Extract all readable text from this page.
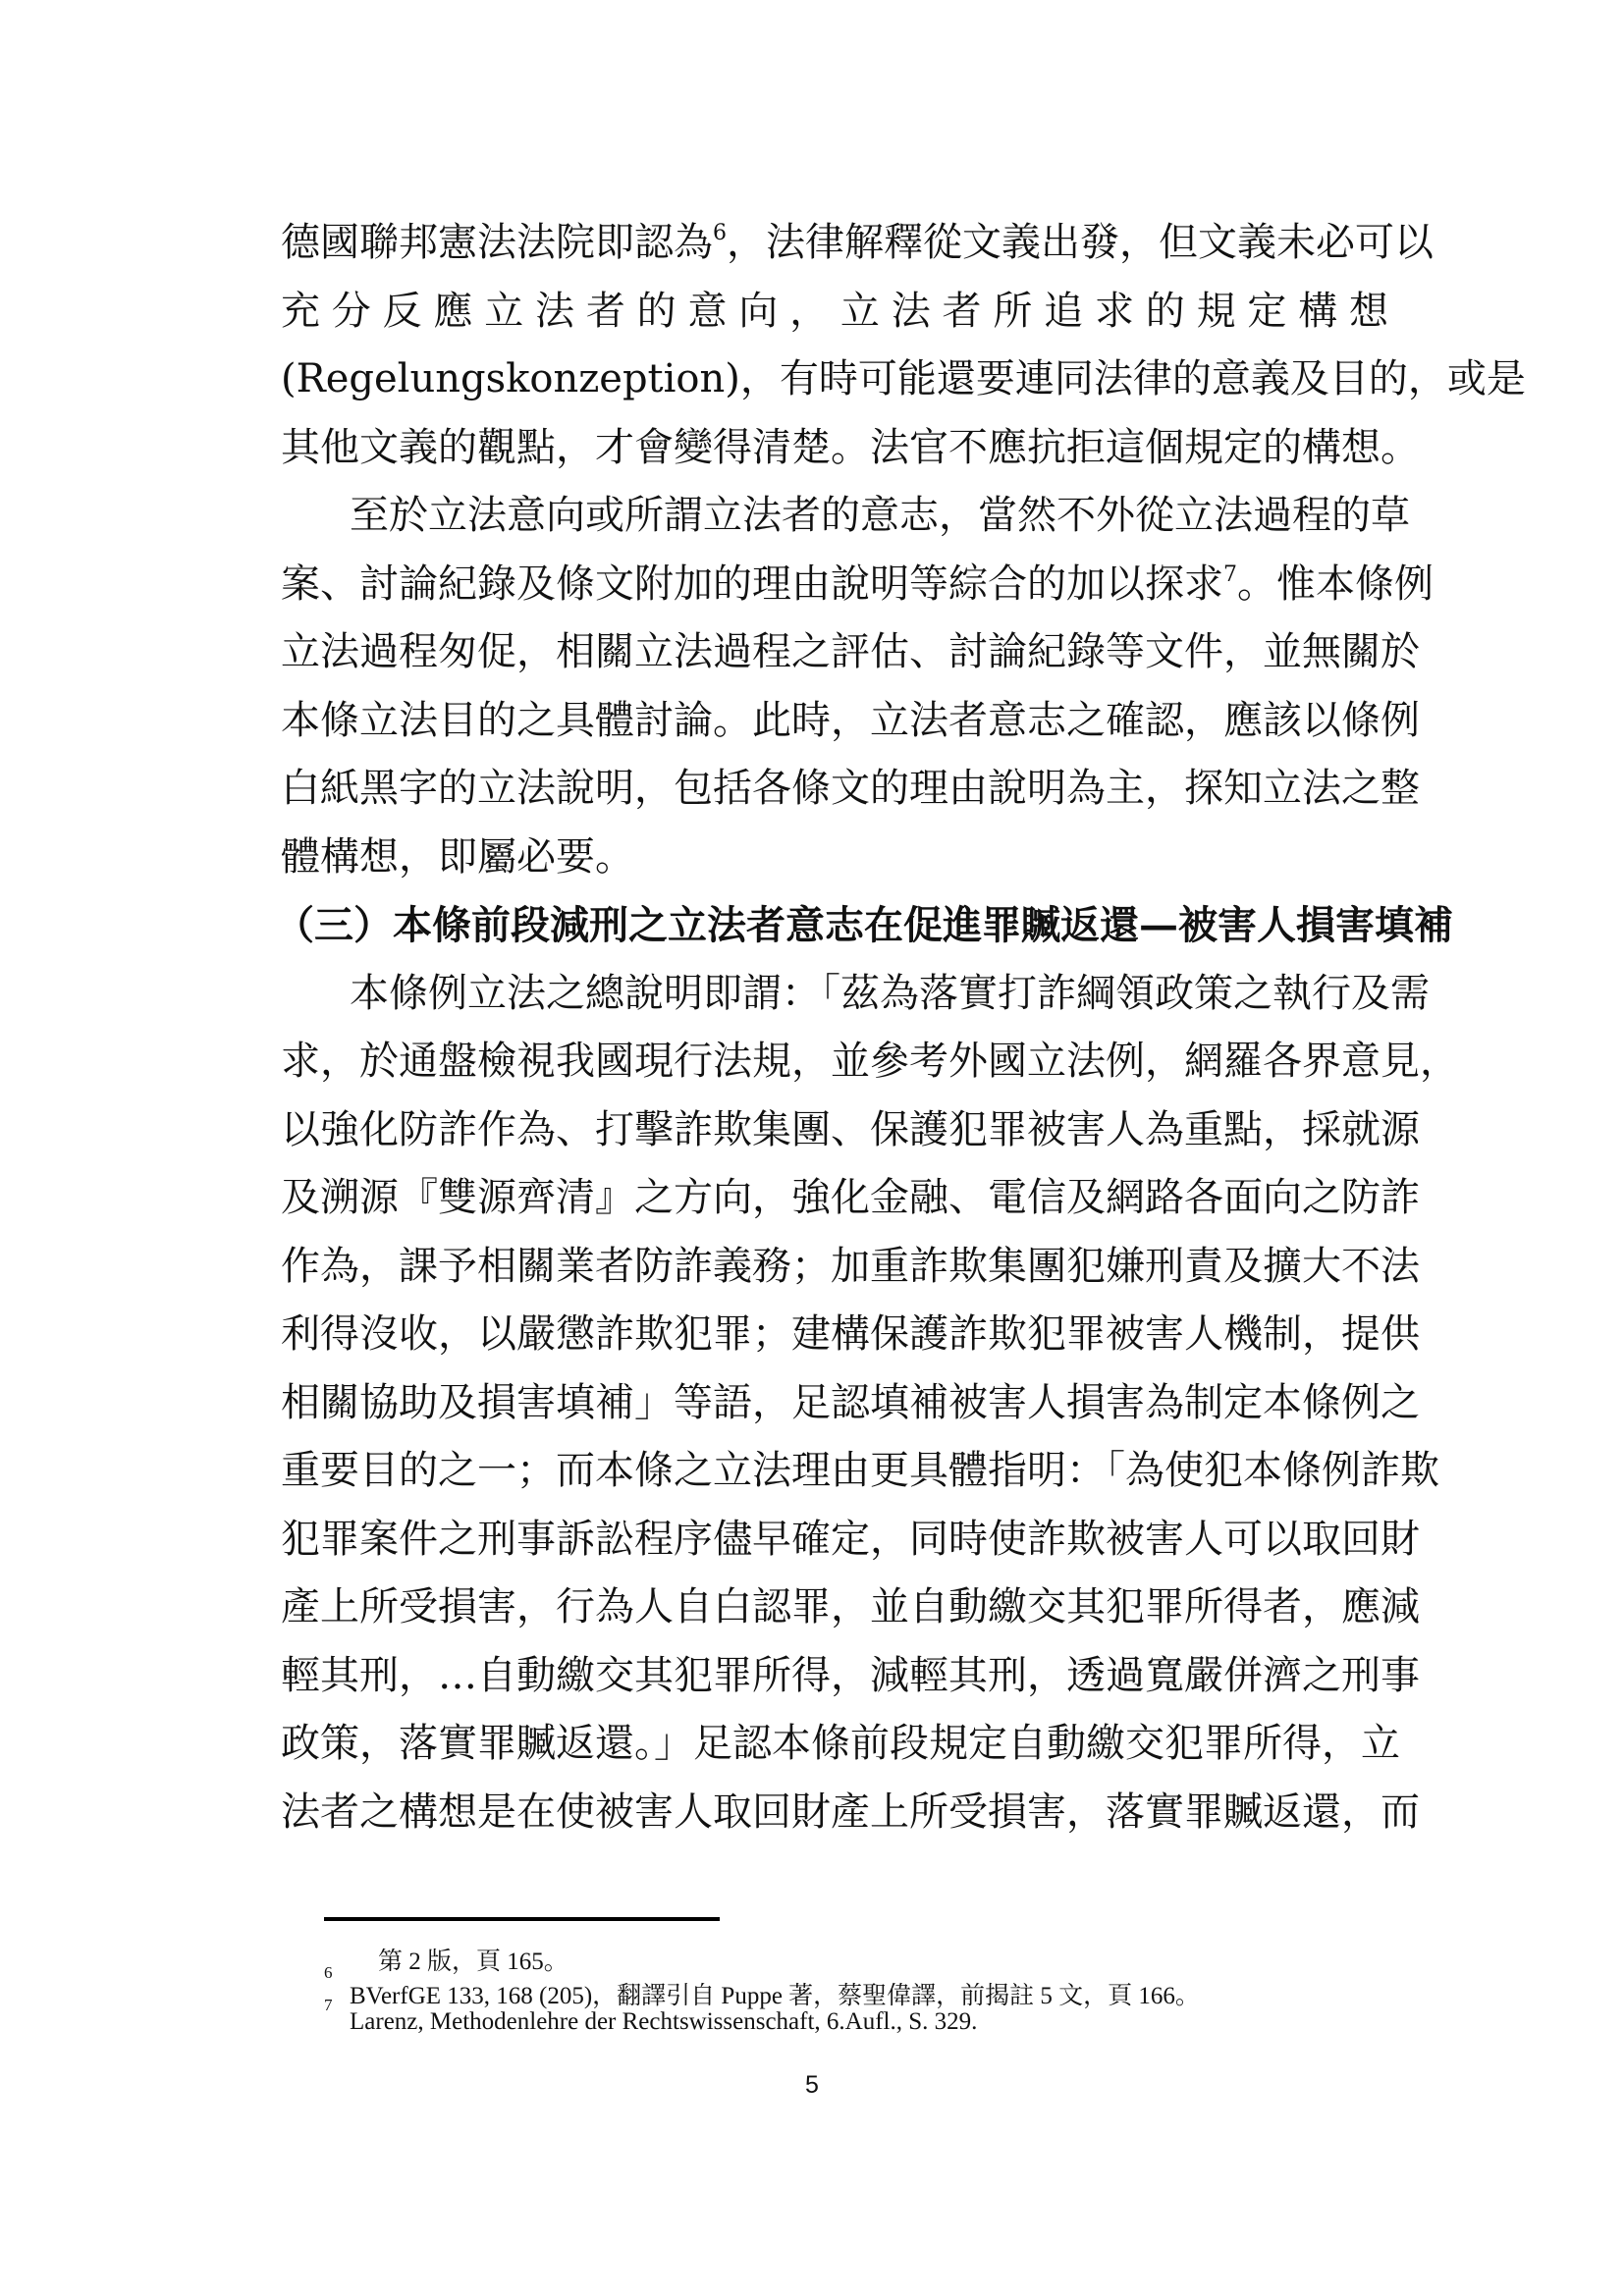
德國聯邦憲法法院即認為$^6$，法律解釋從文義出發，但文義未必可以
充分反應立法者的意向，立法者所追求的規定構想
(Regelungskonzeption)，有時可能還要連同法律的意義及目的，或是
其他文義的觀點，才會變得清楚。法官不應抗拒這個規定的構想。
至於立法意向或所謂立法者的意志，當然不外從立法過程的草
案、討論紀錄及條文附加的理由說明等綜合的加以探求$^7$。惟本條例
立法過程匆促，相關立法過程之評估、討論紀錄等文件，並無關於
本條立法目的之具體討論。此時，立法者意志之確認，應該以條例
白紙黑字的立法說明，包括各條文的理由說明為主，探知立法之整
體構想，即屬必要。
（三）本條前段減刑之立法者意志在促進罪贓返還—被害人損害填補
本條例立法之總說明即謂：「茲為落實打詐綱領政策之執行及需
求，於通盤檢視我國現行法規，並參考外國立法例，網羅各界意見，
以強化防詐作為、打擊詐欺集團、保護犯罪被害人為重點，採就源
及溯源『雙源齊清』之方向，強化金融、電信及網路各面向之防詐
作為，課予相關業者防詐義務；加重詐欺集團犯嫌刑責及擴大不法
利得沒收，以嚴懲詐欺犯罪；建構保護詐欺犯罪被害人機制，提供
相關協助及損害填補」等語，足認填補被害人損害為制定本條例之
重要目的之一；而本條之立法理由更具體指明：「為使犯本條例詐欺
犯罪案件之刑事訴訟程序儘早確定，同時使詐欺被害人可以取回財
產上所受損害，行為人自白認罪，並自動繳交其犯罪所得者，應減
輕其刑，…自動繳交其犯罪所得，減輕其刑，透過寬嚴併濟之刑事
政策，落實罪贓返還。」足認本條前段規定自動繳交犯罪所得，立
法者之構想是在使被害人取回財產上所受損害，落實罪贓返還，而
第 2 版，頁 165。
6
BVerfGE 133, 168 (205)，翻譯引自 Puppe 著，蔡聖偉譯，前揭註 5 文，頁 166。
7
Larenz, Methodenlehre der Rechtswissenschaft, 6.Aufl., S. 329.
5
